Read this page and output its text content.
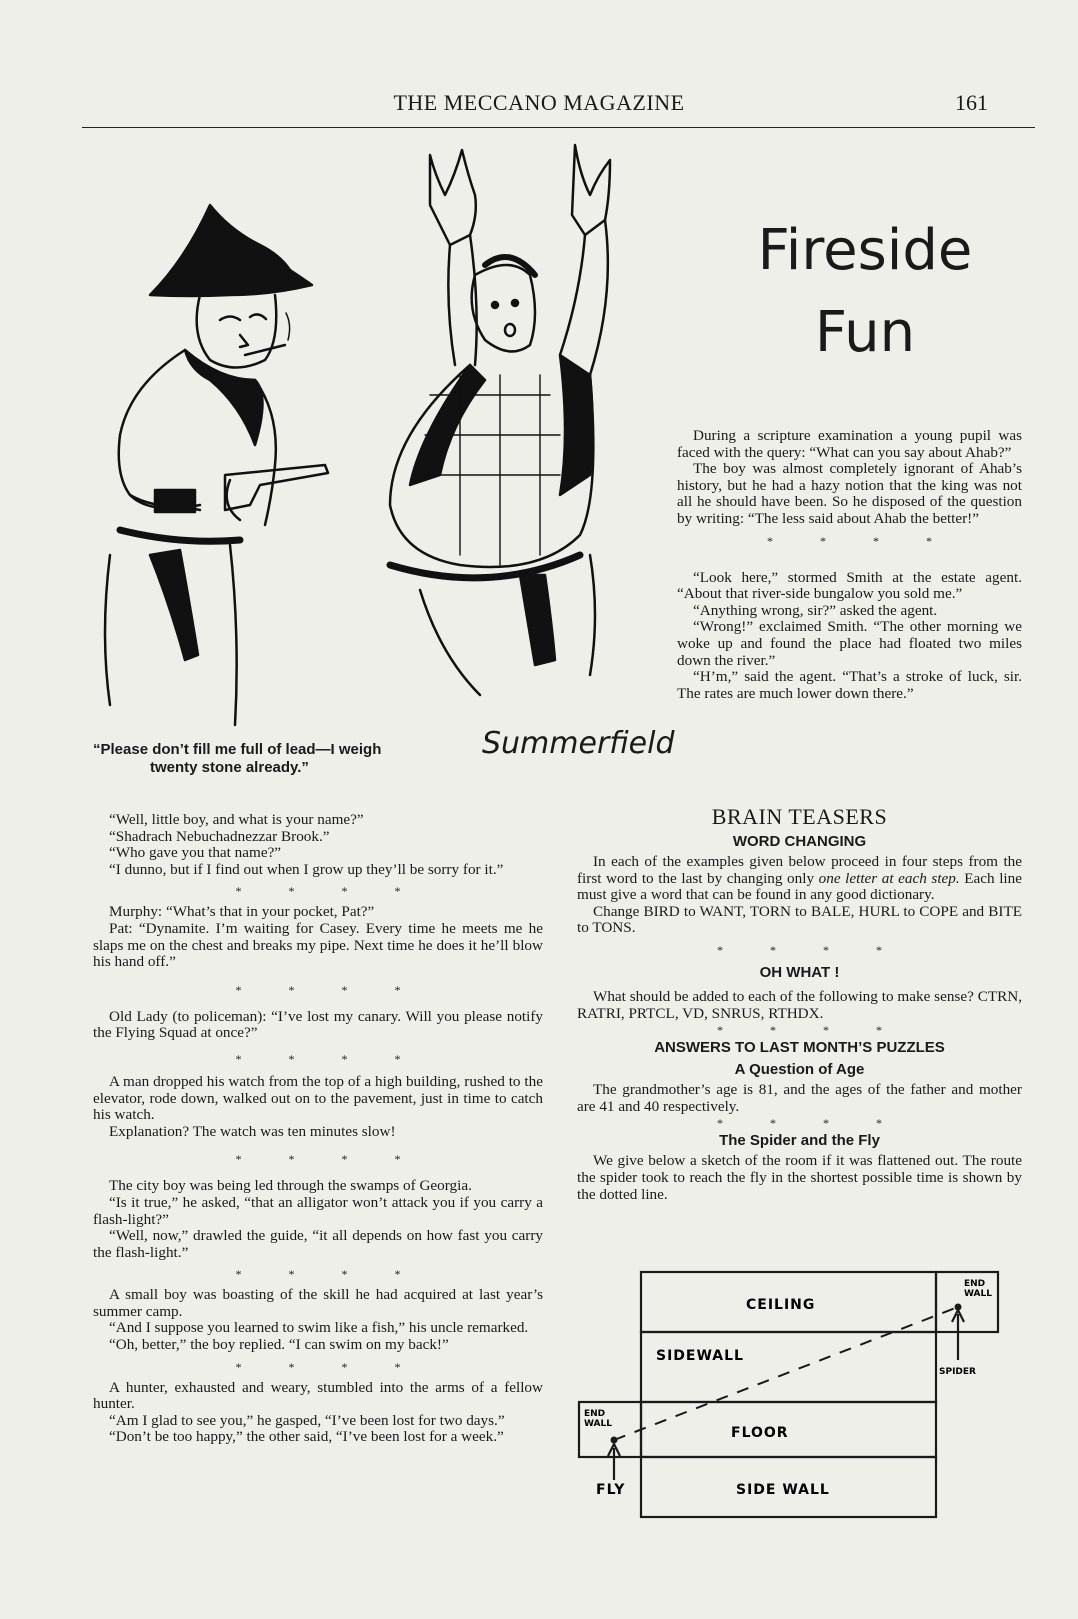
THE MECCANO MAGAZINE	161
Fireside
Fun
“Please don’t fill me full of lead—I weigh
twenty stone already.”
Summerfield

During a scripture examination a young pupil was faced with the query: “What can you say about Ahab?”

The boy was almost completely ignorant of Ahab’s history, but he had a hazy notion that the king was not all he should have been. So he disposed of the question by writing: “The less said about Ahab the better!”

* * * *

“Look here,” stormed Smith at the estate agent. “About that river-side bungalow you sold me.”

“Anything wrong, sir?” asked the agent.

“Wrong!” exclaimed Smith. “The other morning we woke up and found the place had floated two miles down the river.”

“H’m,” said the agent. “That’s a stroke of luck, sir. The rates are much lower down there.”

“Well, little boy, and what is your name?”

“Shadrach Nebuchadnezzar Brook.”

“Who gave you that name?”

“I dunno, but if I find out when I grow up they’ll be sorry for it.”

* * * *

Murphy: “What’s that in your pocket, Pat?”

Pat: “Dynamite. I’m waiting for Casey. Every time he meets me he slaps me on the chest and breaks my pipe. Next time he does it he’ll blow his hand off.”

* * * *

Old Lady (to policeman): “I’ve lost my canary. Will you please notify the Flying Squad at once?”

* * * *

A man dropped his watch from the top of a high building, rushed to the elevator, rode down, walked out on to the pavement, just in time to catch his watch.

Explanation? The watch was ten minutes slow!

* * * *

The city boy was being led through the swamps of Georgia.

“Is it true,” he asked, “that an alligator won’t attack you if you carry a flash-light?”

“Well, now,” drawled the guide, “it all depends on how fast you carry the flash-light.”

* * * *

A small boy was boasting of the skill he had acquired at last year’s summer camp.

“And I suppose you learned to swim like a fish,” his uncle remarked.

“Oh, better,” the boy replied. “I can swim on my back!”

* * * *

A hunter, exhausted and weary, stumbled into the arms of a fellow hunter.

“Am I glad to see you,” he gasped, “I’ve been lost for two days.”

“Don’t be too happy,” the other said, “I’ve been lost for a week.”

BRAIN TEASERS
WORD CHANGING

In each of the examples given below proceed in four steps from the first word to the last by changing only one letter at each step. Each line must give a word that can be found in any good dictionary.

Change BIRD to WANT, TORN to BALE, HURL to COPE and BITE to TONS.

* * * *
OH WHAT !

What should be added to each of the following to make sense? CTRN, RATRI, PRTCL, VD, SNRUS, RTHDX.

* * * *
ANSWERS TO LAST MONTH’S PUZZLES
A Question of Age

The grandmother’s age is 81, and the ages of the father and mother are 41 and 40 respectively.

* * * *
The Spider and the Fly

We give below a sketch of the room if it was flattened out. The route the spider took to reach the fly in the shortest possible time is shown by the dotted line.

CEILING
SIDEWALL
FLOOR
SIDE WALL
END
WALL
END
WALL
SPIDER
FLY
